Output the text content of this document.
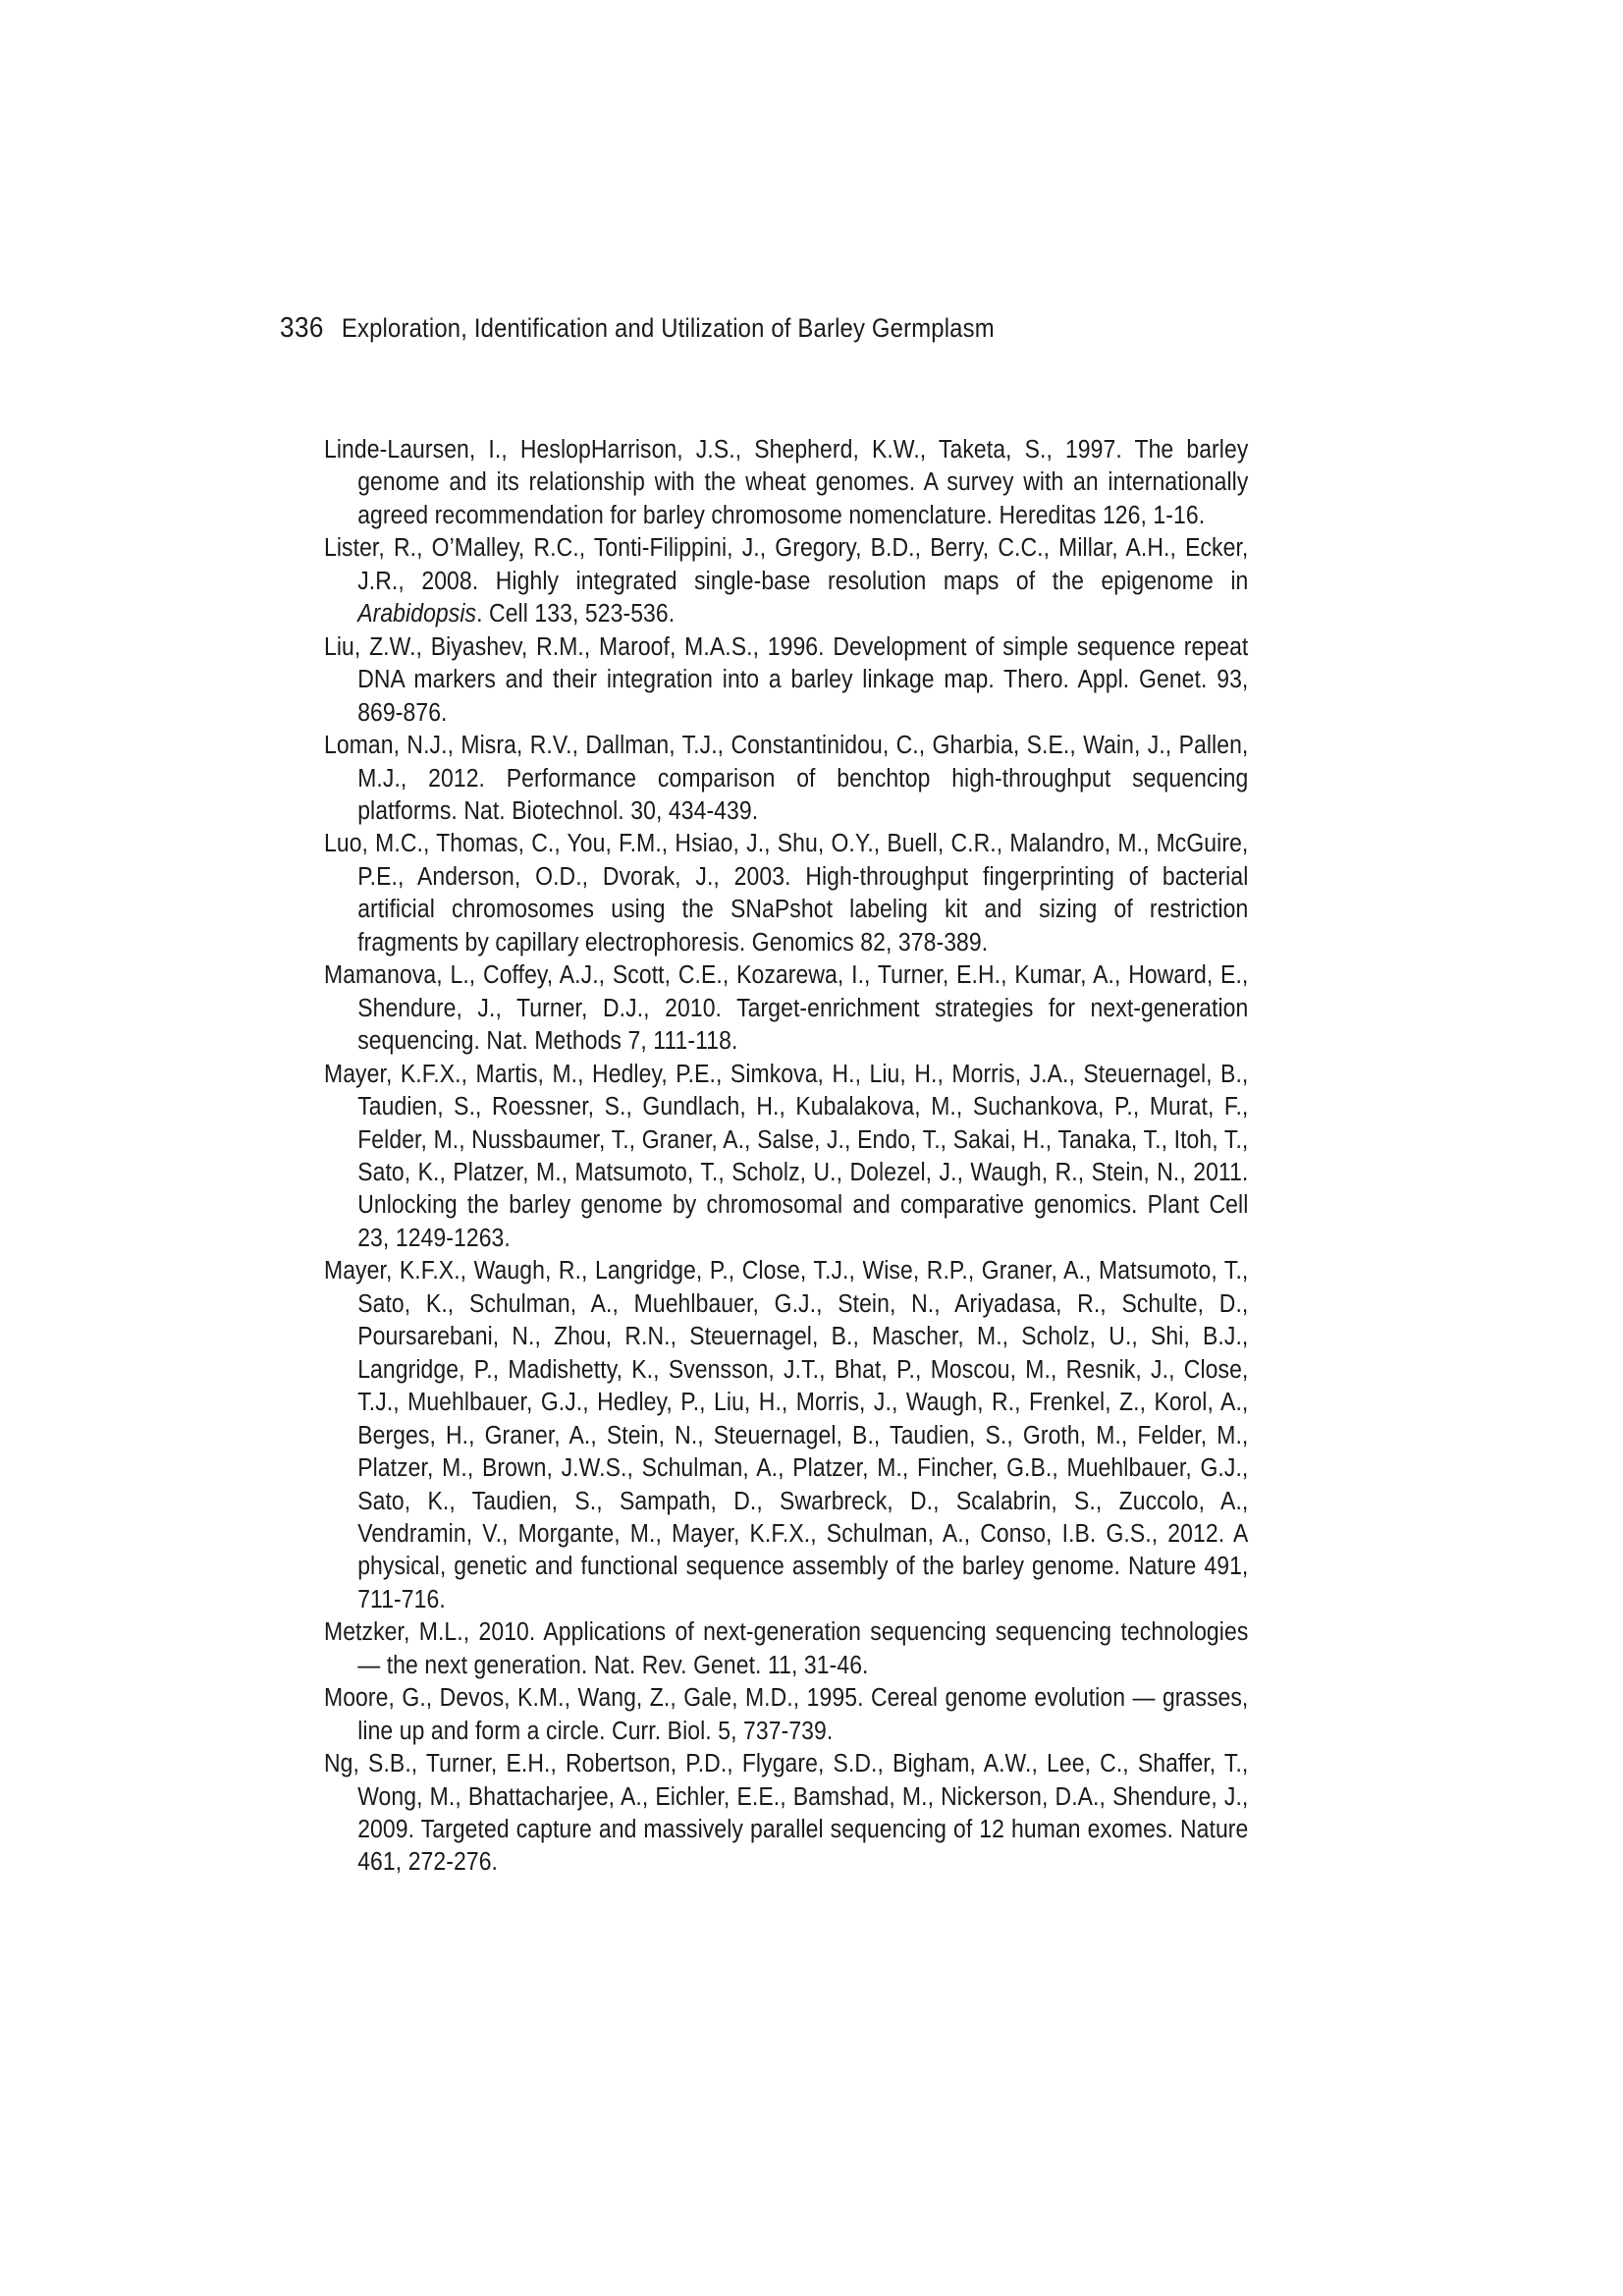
336 Exploration, Identification and Utilization of Barley Germplasm

Linde-Laursen, I., HeslopHarrison, J.S., Shepherd, K.W., Taketa, S., 1997. The barley genome and its relationship with the wheat genomes. A survey with an internationally agreed recommendation for barley chromosome nomenclature. Hereditas 126, 1-16.

Lister, R., O’Malley, R.C., Tonti-Filippini, J., Gregory, B.D., Berry, C.C., Millar, A.H., Ecker, J.R., 2008. Highly integrated single-base resolution maps of the epigenome in Arabidopsis. Cell 133, 523-536.

Liu, Z.W., Biyashev, R.M., Maroof, M.A.S., 1996. Development of simple sequence repeat DNA markers and their integration into a barley linkage map. Thero. Appl. Genet. 93, 869-876.

Loman, N.J., Misra, R.V., Dallman, T.J., Constantinidou, C., Gharbia, S.E., Wain, J., Pallen, M.J., 2012. Performance comparison of benchtop high-throughput sequencing platforms. Nat. Biotechnol. 30, 434-439.

Luo, M.C., Thomas, C., You, F.M., Hsiao, J., Shu, O.Y., Buell, C.R., Malandro, M., McGuire, P.E., Anderson, O.D., Dvorak, J., 2003. High-throughput fingerprinting of bacterial artificial chromosomes using the SNaPshot labeling kit and sizing of restriction fragments by capillary electrophoresis. Genomics 82, 378-389.

Mamanova, L., Coffey, A.J., Scott, C.E., Kozarewa, I., Turner, E.H., Kumar, A., Howard, E., Shendure, J., Turner, D.J., 2010. Target-enrichment strategies for next-generation sequencing. Nat. Methods 7, 111-118.

Mayer, K.F.X., Martis, M., Hedley, P.E., Simkova, H., Liu, H., Morris, J.A., Steuernagel, B., Taudien, S., Roessner, S., Gundlach, H., Kubalakova, M., Suchankova, P., Murat, F., Felder, M., Nussbaumer, T., Graner, A., Salse, J., Endo, T., Sakai, H., Tanaka, T., Itoh, T., Sato, K., Platzer, M., Matsumoto, T., Scholz, U., Dolezel, J., Waugh, R., Stein, N., 2011. Unlocking the barley genome by chromosomal and comparative genomics. Plant Cell 23, 1249-1263.

Mayer, K.F.X., Waugh, R., Langridge, P., Close, T.J., Wise, R.P., Graner, A., Matsumoto, T., Sato, K., Schulman, A., Muehlbauer, G.J., Stein, N., Ariyadasa, R., Schulte, D., Poursarebani, N., Zhou, R.N., Steuernagel, B., Mascher, M., Scholz, U., Shi, B.J., Langridge, P., Madishetty, K., Svensson, J.T., Bhat, P., Moscou, M., Resnik, J., Close, T.J., Muehlbauer, G.J., Hedley, P., Liu, H., Morris, J., Waugh, R., Frenkel, Z., Korol, A., Berges, H., Graner, A., Stein, N., Steuernagel, B., Taudien, S., Groth, M., Felder, M., Platzer, M., Brown, J.W.S., Schulman, A., Platzer, M., Fincher, G.B., Muehlbauer, G.J., Sato, K., Taudien, S., Sampath, D., Swarbreck, D., Scalabrin, S., Zuccolo, A., Vendramin, V., Morgante, M., Mayer, K.F.X., Schulman, A., Conso, I.B. G.S., 2012. A physical, genetic and functional sequence assembly of the barley genome. Nature 491, 711-716.

Metzker, M.L., 2010. Applications of next-generation sequencing sequencing technologies — the next generation. Nat. Rev. Genet. 11, 31-46.

Moore, G., Devos, K.M., Wang, Z., Gale, M.D., 1995. Cereal genome evolution — grasses, line up and form a circle. Curr. Biol. 5, 737-739.

Ng, S.B., Turner, E.H., Robertson, P.D., Flygare, S.D., Bigham, A.W., Lee, C., Shaffer, T., Wong, M., Bhattacharjee, A., Eichler, E.E., Bamshad, M., Nickerson, D.A., Shendure, J., 2009. Targeted capture and massively parallel sequencing of 12 human exomes. Nature 461, 272-276.
